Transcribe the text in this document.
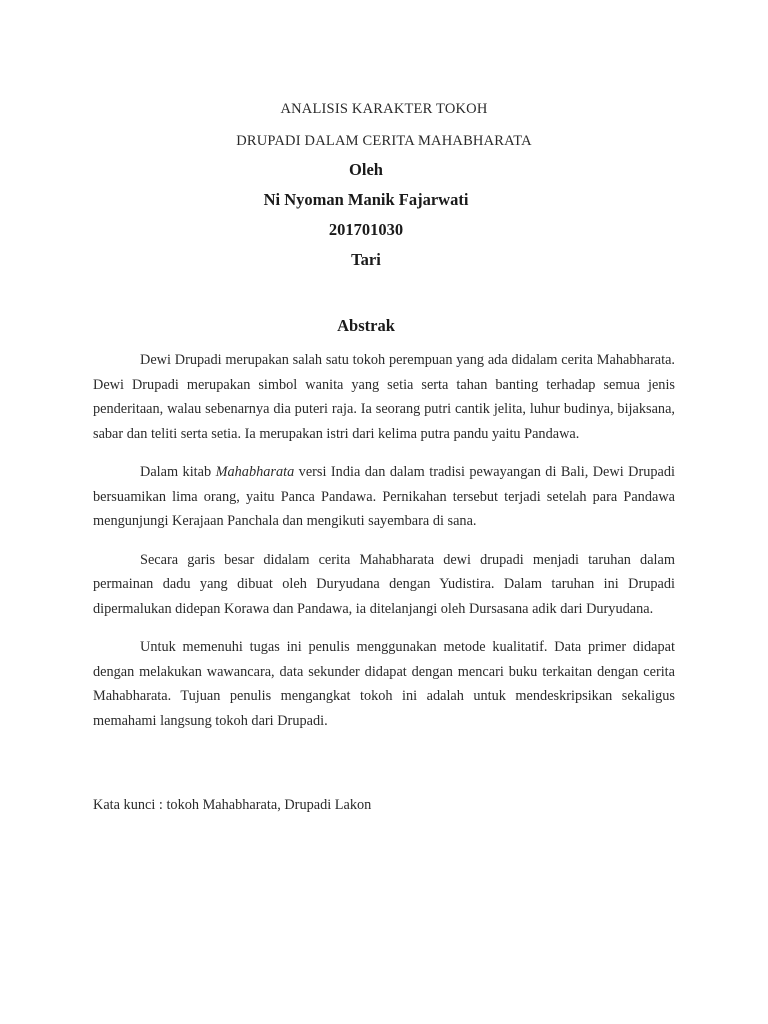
ANALISIS KARAKTER TOKOH
DRUPADI DALAM CERITA MAHABHARATA
Oleh
Ni Nyoman Manik Fajarwati
201701030
Tari
Abstrak

Dewi Drupadi merupakan salah satu tokoh perempuan yang ada didalam cerita Mahabharata. Dewi Drupadi merupakan simbol wanita yang setia serta tahan banting terhadap semua jenis penderitaan, walau sebenarnya dia puteri raja. Ia seorang putri cantik jelita, luhur budinya, bijaksana, sabar dan teliti serta setia. Ia merupakan istri dari kelima putra pandu yaitu Pandawa.

Dalam kitab Mahabharata versi India dan dalam tradisi pewayangan di Bali, Dewi Drupadi bersuamikan lima orang, yaitu Panca Pandawa. Pernikahan tersebut terjadi setelah para Pandawa mengunjungi Kerajaan Panchala dan mengikuti sayembara di sana.

Secara garis besar didalam cerita Mahabharata dewi drupadi menjadi taruhan dalam permainan dadu yang dibuat oleh Duryudana dengan Yudistira. Dalam taruhan ini Drupadi dipermalukan didepan Korawa dan Pandawa, ia ditelanjangi oleh Dursasana adik dari Duryudana.

Untuk memenuhi tugas ini penulis menggunakan metode kualitatif. Data primer didapat dengan melakukan wawancara, data sekunder didapat dengan mencari buku terkaitan dengan cerita Mahabharata. Tujuan penulis mengangkat tokoh ini adalah untuk mendeskripsikan sekaligus memahami langsung tokoh dari Drupadi.

Kata kunci : tokoh Mahabharata, Drupadi Lakon
